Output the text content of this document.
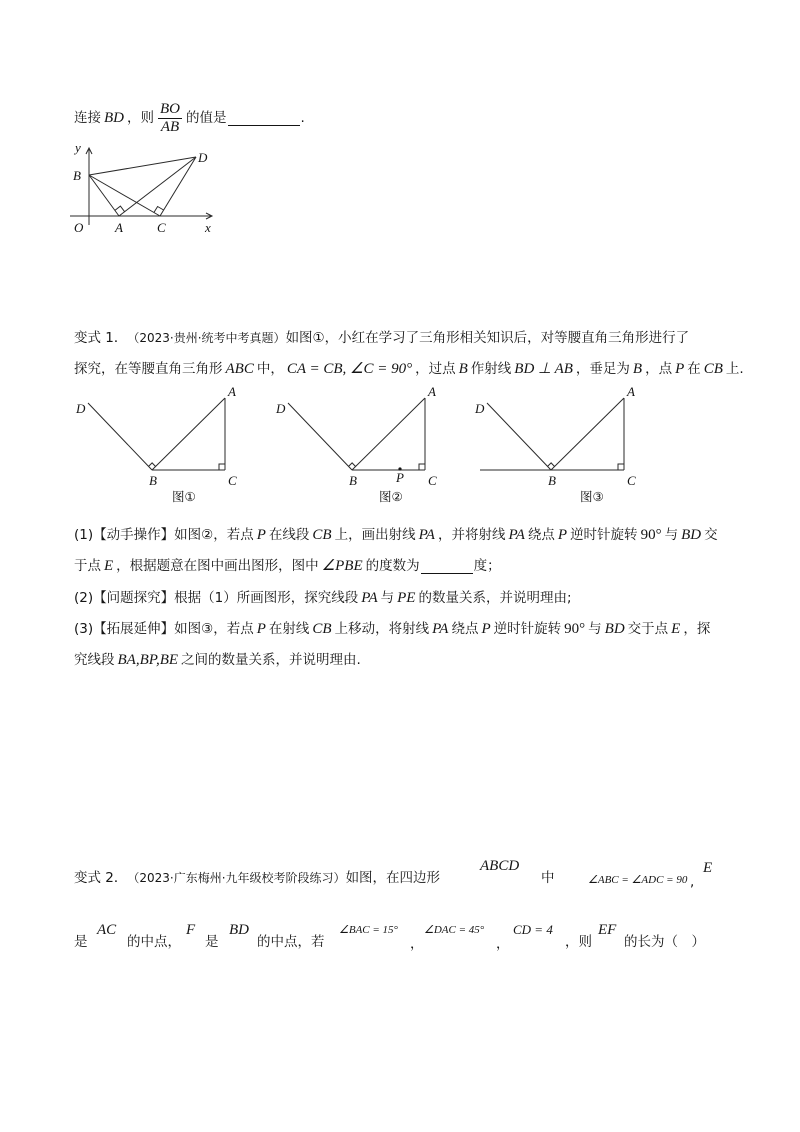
连接 BD ，则 $\frac{BO}{AB}$ 的值是	.
y
B
D
O A	C	x
变式 1． （2023·贵州·统考中考真题） 如图①，小红在学习了三角形相关知识后，对等腰直角三角形进行了
探究，在等腰直角三角形 ABC 中， CA = CB, ∠C = 90° ，过点 B 作射线 BD ⊥ AB ，垂足为 B ，点 P 在 CB 上.
D
B
A
C
图①
D
B
A
C
P
图②
D
B
A
C
图③
(1) 【动手操作】 如图②，若点 P 在线段 CB 上，画出射线 PA ，并将射线 PA 绕点 P 逆时针旋转 90° 与 BD 交
于点 E ，根据题意在图中画出图形，图中 ∠PBE 的度数为	度；
(2) 【问题探究】 根据（1）所画图形，探究线段 PA 与 PE 的数量关系，并说明理由;
(3) 【拓展延伸】 如图③，若点 P 在射线 CB 上移动，将射线 PA 绕点 P 逆时针旋转 90° 与 BD 交于点 E ，探
究线段 BA,BP,BE 之间的数量关系，并说明理由.
变式 2． （2023·广东梅州·九年级校考阶段练习） 如图，在四边形
ABCD
中	∠ABC = ∠ADC = 90 ,
E
是
AC
的中点，
F
是
BD
的中点，若
∠BAC = 15°
，
∠DAC = 45°
，
CD = 4
，则
EF
的长为（　）
